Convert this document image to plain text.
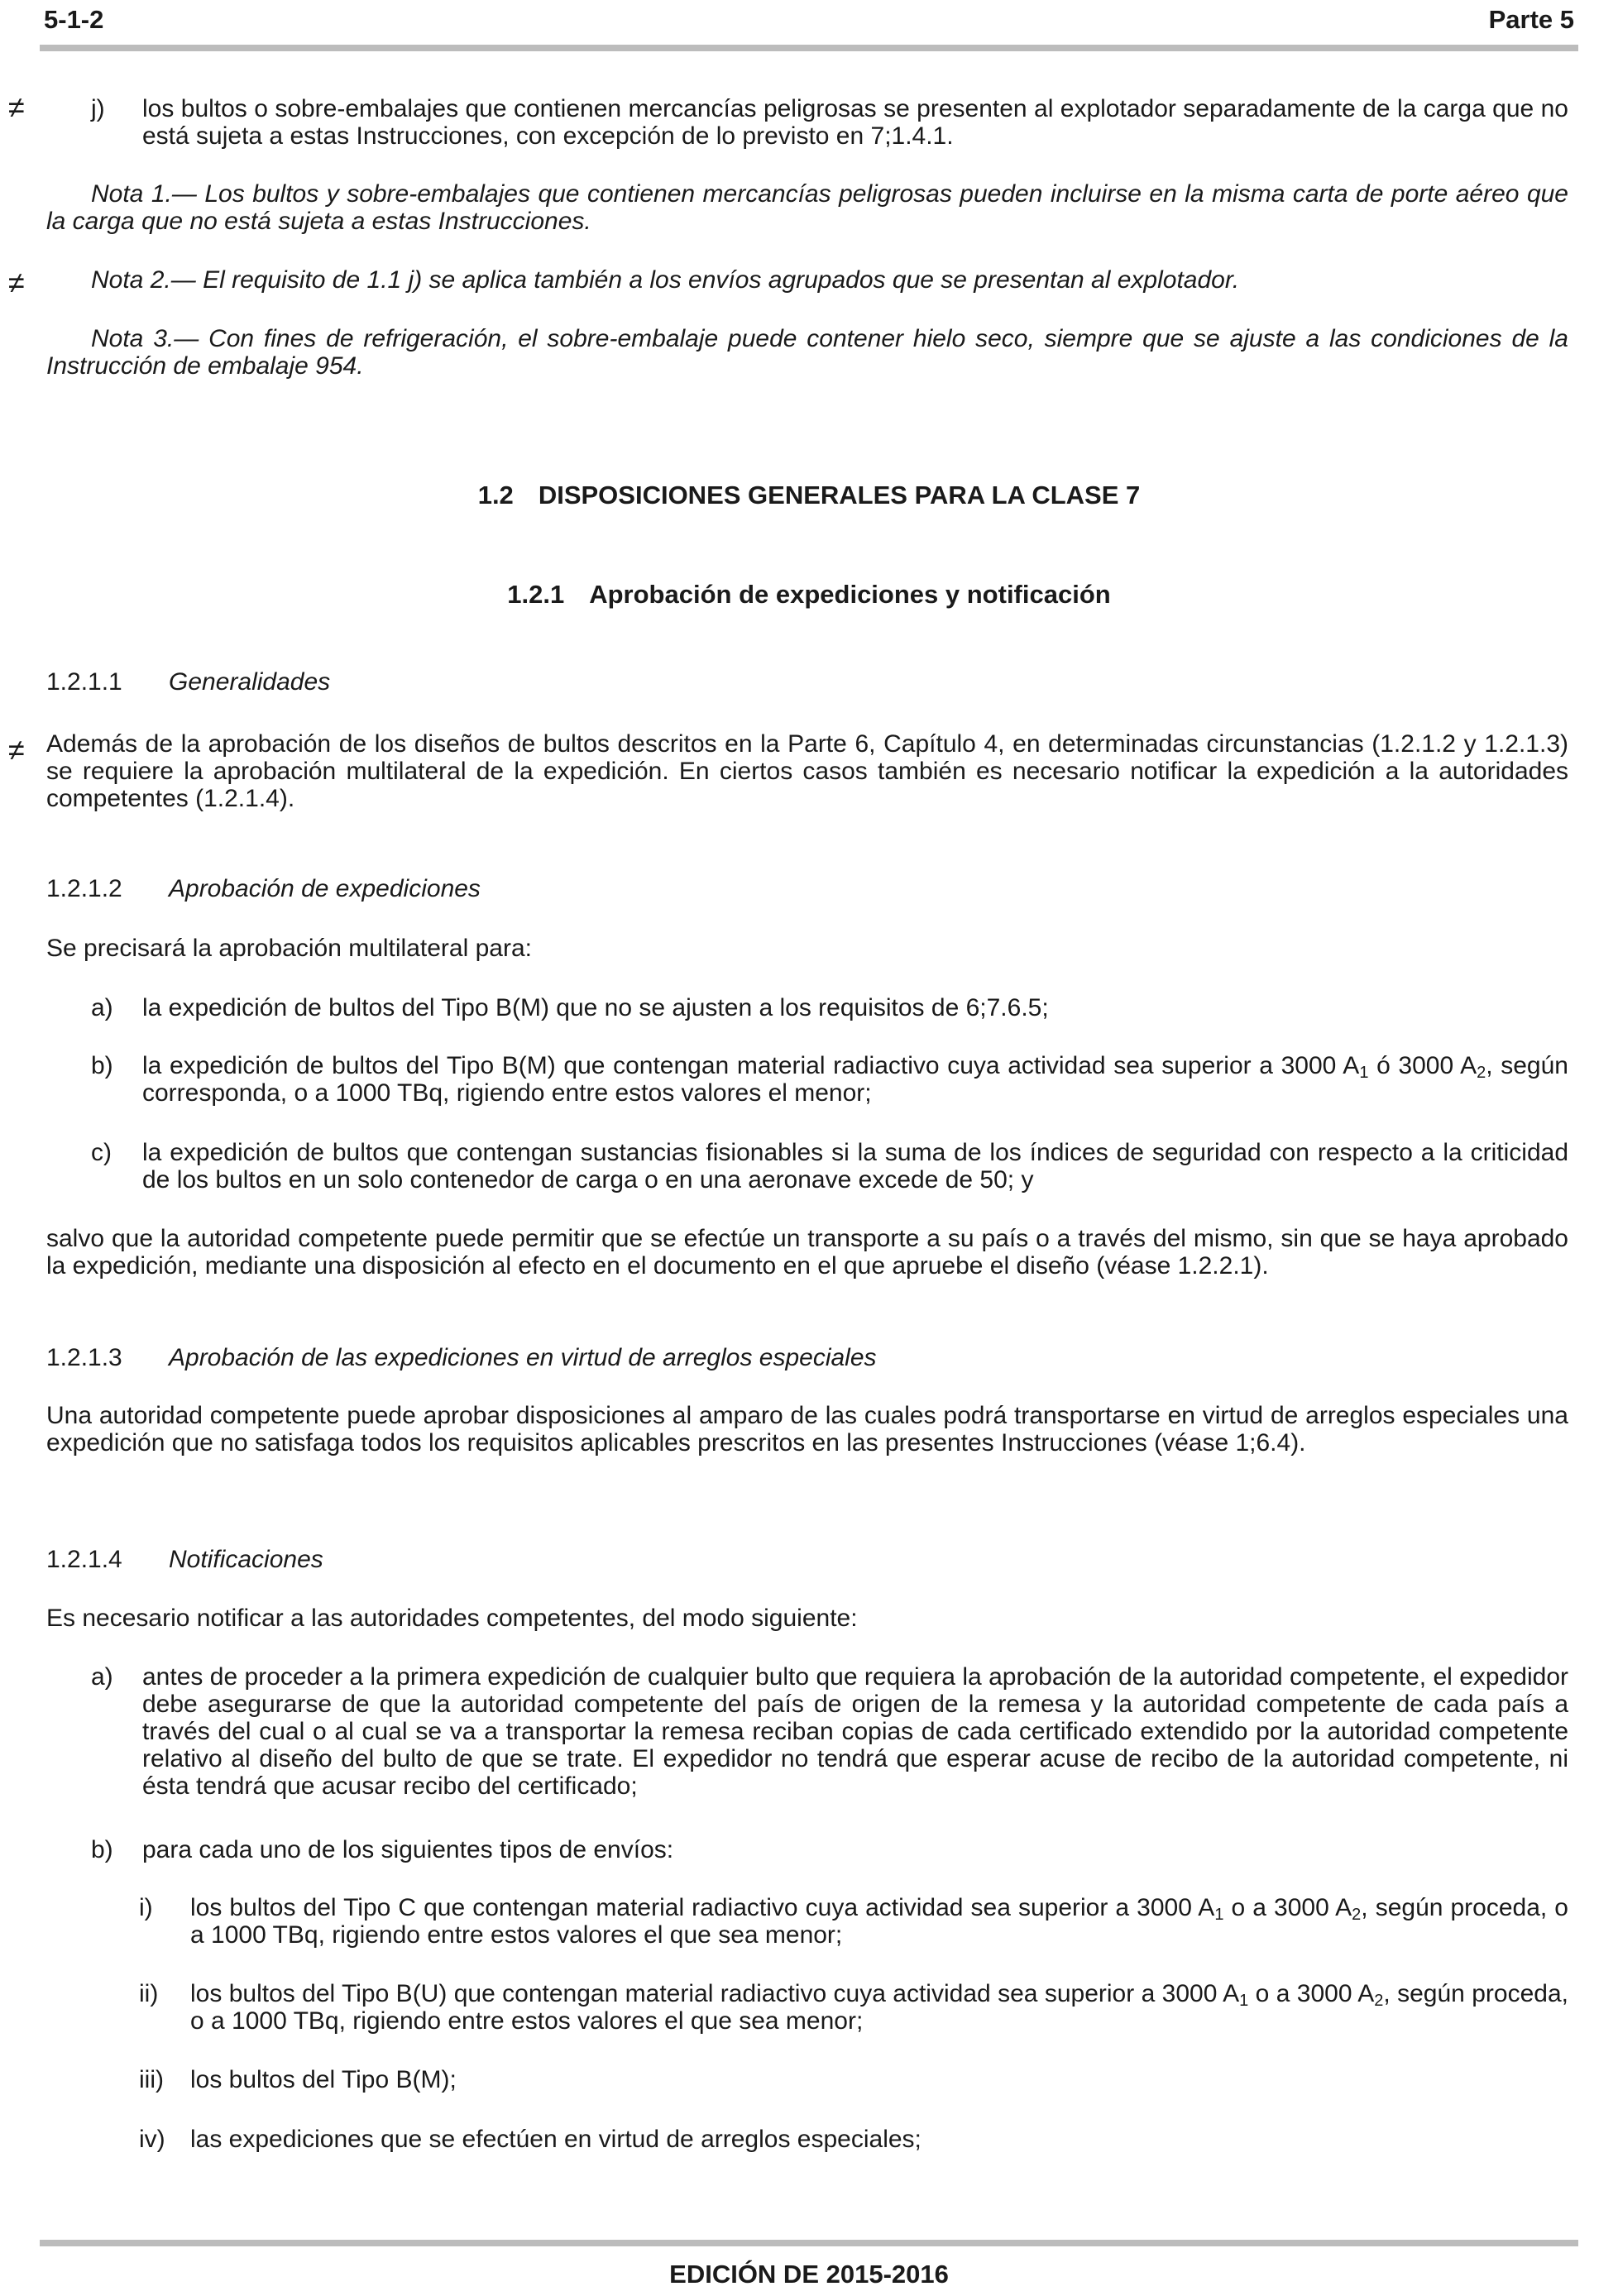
5-1-2	Parte 5
≠
≠
≠
j) los bultos o sobre-embalajes que contienen mercancías peligrosas se presenten al explotador separadamente de la carga que no está sujeta a estas Instrucciones, con excepción de lo previsto en 7;1.4.1.

Nota 1.— Los bultos y sobre-embalajes que contienen mercancías peligrosas pueden incluirse en la misma carta de porte aéreo que la carga que no está sujeta a estas Instrucciones.

Nota 2.— El requisito de 1.1 j) se aplica también a los envíos agrupados que se presentan al explotador.

Nota 3.— Con fines de refrigeración, el sobre-embalaje puede contener hielo seco, siempre que se ajuste a las condiciones de la Instrucción de embalaje 954.

1.2 DISPOSICIONES GENERALES PARA LA CLASE 7
1.2.1 Aprobación de expediciones y notificación
1.2.1.1 Generalidades

Además de la aprobación de los diseños de bultos descritos en la Parte 6, Capítulo 4, en determinadas circunstancias (1.2.1.2 y 1.2.1.3) se requiere la aprobación multilateral de la expedición. En ciertos casos también es necesario notificar la expedición a la autoridades competentes (1.2.1.4).

1.2.1.2 Aprobación de expediciones

Se precisará la aprobación multilateral para:

a) la expedición de bultos del Tipo B(M) que no se ajusten a los requisitos de 6;7.6.5;
b) la expedición de bultos del Tipo B(M) que contengan material radiactivo cuya actividad sea superior a 3000 $A_1$ ó 3000 $A_2$, según corresponda, o a 1000 TBq, rigiendo entre estos valores el menor;
c) la expedición de bultos que contengan sustancias fisionables si la suma de los índices de seguridad con respecto a la criticidad de los bultos en un solo contenedor de carga o en una aeronave excede de 50; y

salvo que la autoridad competente puede permitir que se efectúe un transporte a su país o a través del mismo, sin que se haya aprobado la expedición, mediante una disposición al efecto en el documento en el que apruebe el diseño (véase 1.2.2.1).

1.2.1.3 Aprobación de las expediciones en virtud de arreglos especiales

Una autoridad competente puede aprobar disposiciones al amparo de las cuales podrá transportarse en virtud de arreglos especiales una expedición que no satisfaga todos los requisitos aplicables prescritos en las presentes Instrucciones (véase 1;6.4).

1.2.1.4 Notificaciones

Es necesario notificar a las autoridades competentes, del modo siguiente:

a) antes de proceder a la primera expedición de cualquier bulto que requiera la aprobación de la autoridad competente, el expedidor debe asegurarse de que la autoridad competente del país de origen de la remesa y la autoridad competente de cada país a través del cual o al cual se va a transportar la remesa reciban copias de cada certificado extendido por la autoridad competente relativo al diseño del bulto de que se trate. El expedidor no tendrá que esperar acuse de recibo de la autoridad competente, ni ésta tendrá que acusar recibo del certificado;
b) para cada uno de los siguientes tipos de envíos:
i) los bultos del Tipo C que contengan material radiactivo cuya actividad sea superior a 3000 $A_1$ o a 3000 $A_2$, según proceda, o a 1000 TBq, rigiendo entre estos valores el que sea menor;
ii) los bultos del Tipo B(U) que contengan material radiactivo cuya actividad sea superior a 3000 $A_1$ o a 3000 $A_2$, según proceda, o a 1000 TBq, rigiendo entre estos valores el que sea menor;
iii) los bultos del Tipo B(M);
iv) las expediciones que se efectúen en virtud de arreglos especiales;
EDICIÓN DE 2015-2016
